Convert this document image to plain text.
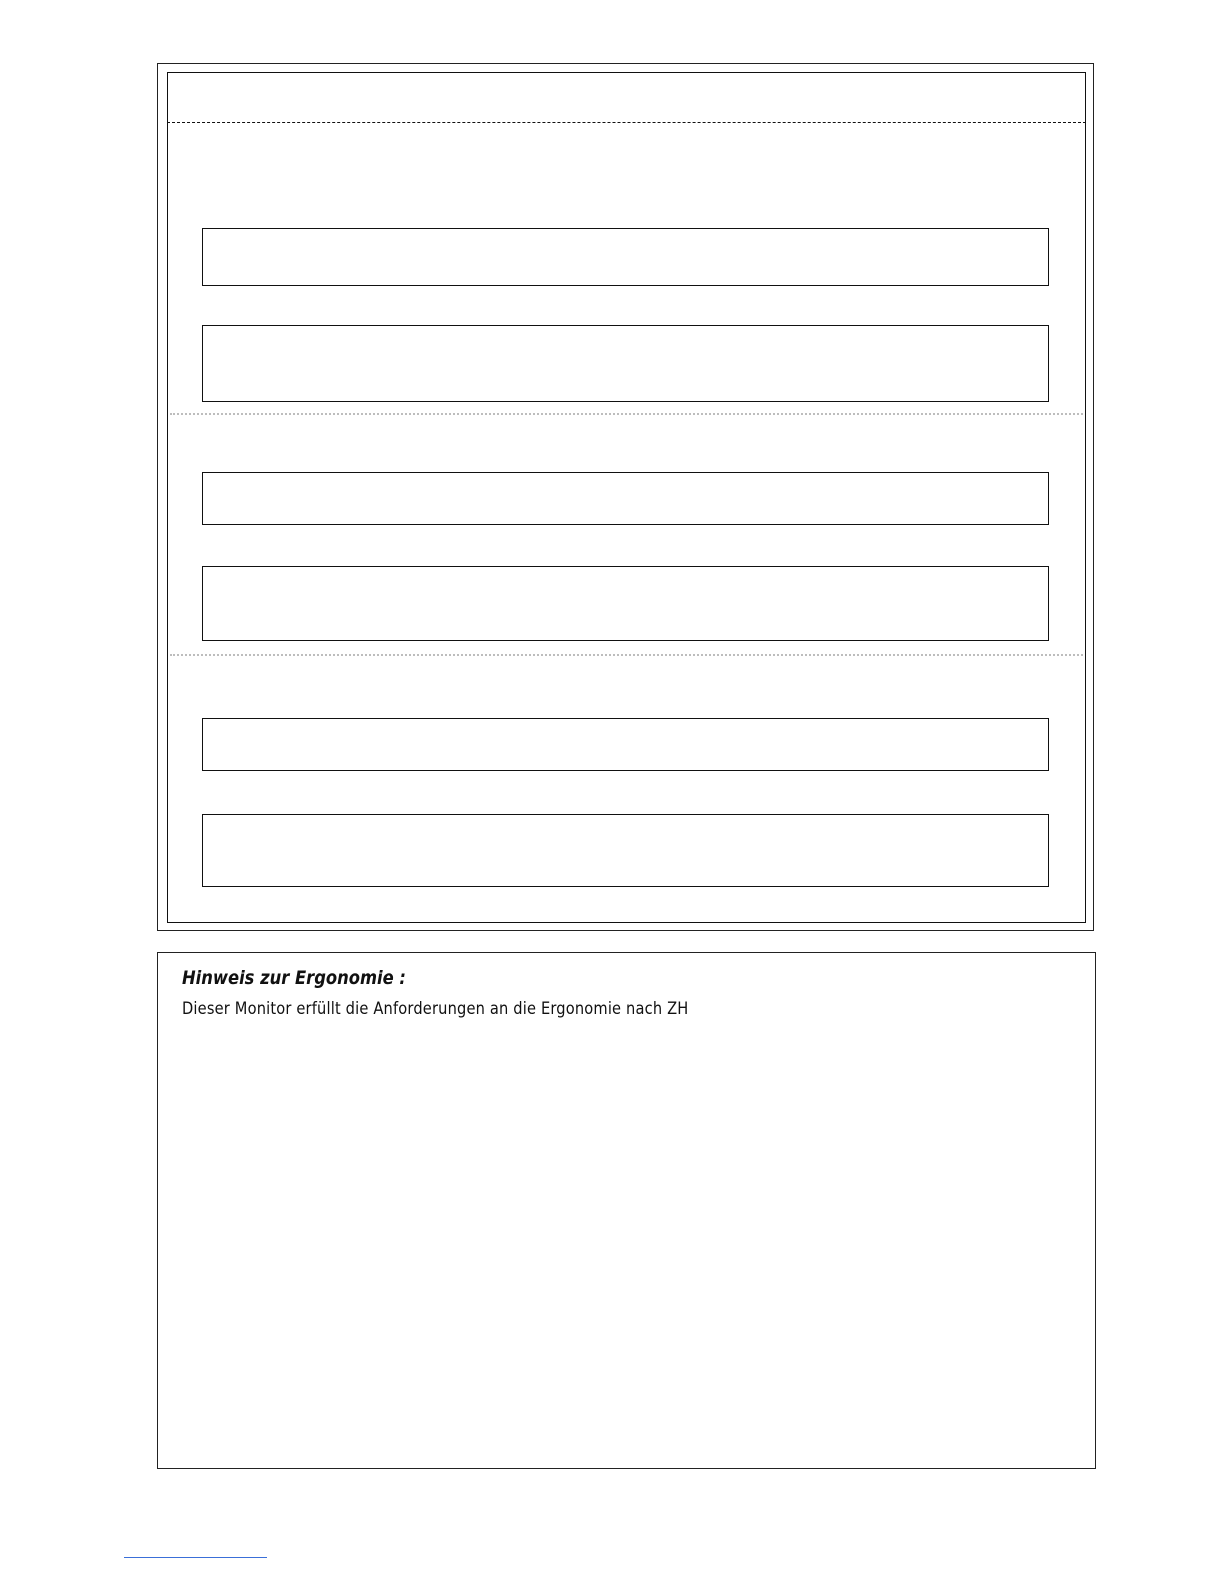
Hinweis zur Ergonomie :
Dieser Monitor erfüllt die Anforderungen an die Ergonomie nach ZH
